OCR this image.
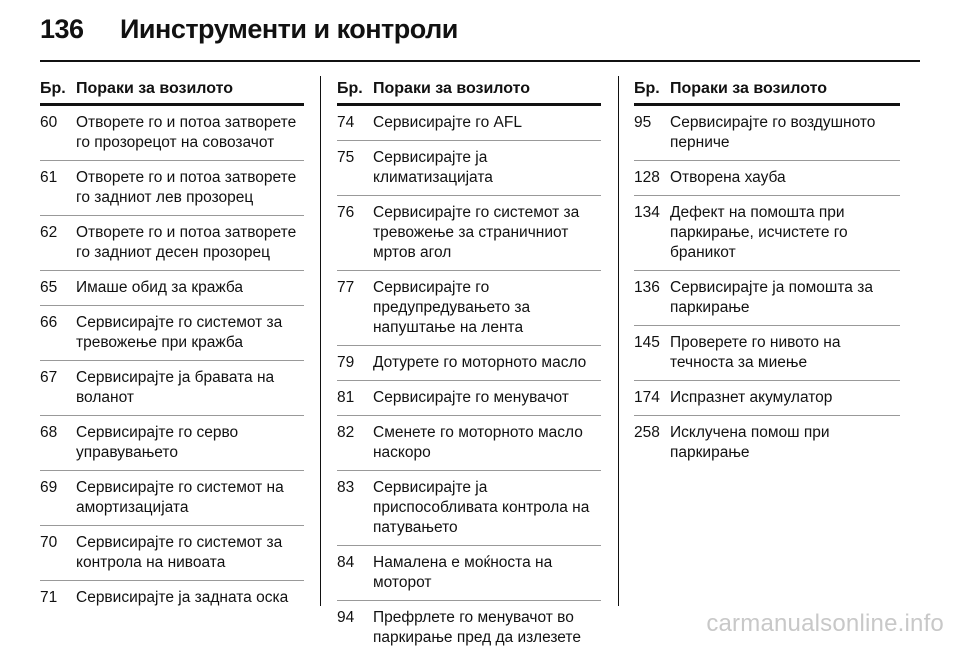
136	Иинструменти и контроли
Бр. Пораки за возилото
60	Отворете го и потоа затворете го прозорецот на совозачот
61	Отворете го и потоа затворете го задниот лев прозорец
62	Отворете го и потоа затворете го задниот десен прозорец
65	Имаше обид за кражба
66	Сервисирајте го системот за тревожење при кражба
67	Сервисирајте ја бравата на воланот
68	Сервисирајте го серво управувањето
69	Сервисирајте го системот на амортизацијата
70	Сервисирајте го системот за контрола на нивоата
71	Сервисирајте ја задната оска
Бр. Пораки за возилото
74	Сервисирајте го AFL
75	Сервисирајте ја климатизацијата
76	Сервисирајте го системот за тревожење за страничниот мртов агол
77	Сервисирајте го предупредувањето за напуштање на лента
79	Дотурете го моторното масло
81	Сервисирајте го менувачот
82	Сменете го моторното масло наскоро
83	Сервисирајте ја приспособливата контрола на патувањето
84	Намалена е моќноста на моторот
94	Префрлете го менувачот во паркирање пред да излезете
Бр. Пораки за возилото
95	Сервисирајте го воздушното перниче
128 Отворена хауба
134 Дефект на помошта при паркирање, исчистете го браникот
136 Сервисирајте ја помошта за паркирање
145 Проверете го нивото на течноста за миење
174 Испразнет акумулатор
258 Исклучена помош при паркирање
carmanualsonline.info
